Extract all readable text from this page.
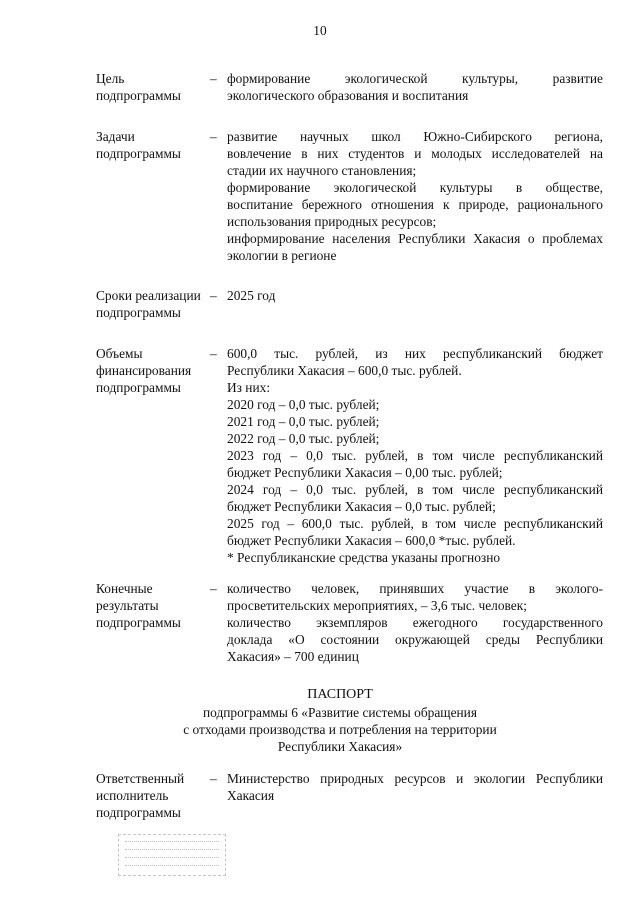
10
Цель
подпрограммы
– формирование экологической культуры, развитие

экологического образования и воспитания

Задачи
подпрограммы
– развитие научных школ Южно-Сибирского региона,

вовлечение в них студентов и молодых исследователей на

стадии их научного становления;

формирование экологической культуры в обществе,

воспитание бережного отношения к природе, рационального

использования природных ресурсов;

информирование населения Республики Хакасия о проблемах

экологии в регионе

Сроки реализации
подпрограммы
– 2025 год

Объемы
финансирования
подпрограммы
– 600,0 тыс. рублей, из них республиканский бюджет

Республики Хакасия – 600,0 тыс. рублей.

Из них:

2020 год – 0,0 тыс. рублей;

2021 год – 0,0 тыс. рублей;

2022 год – 0,0 тыс. рублей;

2023 год – 0,0 тыс. рублей, в том числе республиканский

бюджет Республики Хакасия – 0,00 тыс. рублей;

2024 год – 0,0 тыс. рублей, в том числе республиканский

бюджет Республики Хакасия – 0,0 тыс. рублей;

2025 год – 600,0 тыс. рублей, в том числе республиканский

бюджет Республики Хакасия – 600,0 *тыс. рублей.

* Республиканские средства указаны прогнозно

Конечные
результаты
подпрограммы
– количество человек, принявших участие в эколого-

просветительских мероприятиях, – 3,6 тыс. человек;

количество экземпляров ежегодного государственного

доклада «О состоянии окружающей среды Республики

Хакасия» – 700 единиц

ПАСПОРТ
подпрограммы 6 «Развитие системы обращения
с отходами производства и потребления на территории
Республики Хакасия»
Ответственный
исполнитель
подпрограммы
– Министерство природных ресурсов и экологии Республики

Хакасия
